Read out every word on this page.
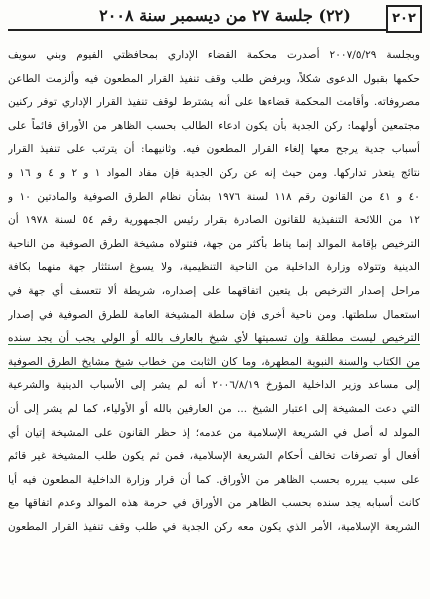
(٢٢) جلسة ٢٧ من ديسمبر سنة ٢٠٠٨	٢٠٢
وبجلسة ٢٠٠٧/٥/٢٩ أصدرت محكمة القضاء الإداري بمحافظتي الفيوم وبني سويف
حكمها بقبول الدعوى شكلاً، وبرفض طلب وقف تنفيذ القرار المطعون فيه وألزمت الطاعن
مصروفاته. وأقامت المحكمة قضاءها على أنه يشترط لوقف تنفيذ القرار الإداري توفر ركنين
مجتمعين أولهما: ركن الجدية بأن يكون ادعاء الطالب بحسب الظاهر من الأوراق قائماً على
أسباب جدية يرجح معها إلغاء القرار المطعون فيه. وثانيهما: أن يترتب على تنفيذ القرار
نتائج يتعذر تداركها. ومن حيث إنه عن ركن الجدية فإن مفاد المواد ١ و ٢ و ٤ و ١٦ و
٤٠ و ٤١ من القانون رقم ١١٨ لسنة ١٩٧٦ بشأن نظام الطرق الصوفية والمادتين ١٠ و
١٢ من اللائحة التنفيذية للقانون الصادرة بقرار رئيس الجمهورية رقم ٥٤ لسنة ١٩٧٨ أن
الترخيص بإقامة الموالد إنما يناط بأكثر من جهة، فتتولاه مشيخة الطرق الصوفية من الناحية
الدينية وتتولاه وزارة الداخلية من الناحية التنظيمية، ولا يسوغ استئثار جهة منهما بكافة
مراحل إصدار الترخيص بل يتعين اتفاقهما على إصداره، شريطة ألا تتعسف أي جهة في
استعمال سلطتها. ومن ناحية أخرى فإن سلطة المشيخة العامة للطرق الصوفية في إصدار
الترخيص ليست مطلقة وإن تسميتها لأي شيخ بالعارف بالله أو الولي يجب أن يجد سنده
من الكتاب والسنة النبوية المطهرة، وما كان الثابت من خطاب شيخ مشايخ الطرق الصوفية
إلى مساعد وزير الداخلية المؤرخ ٢٠٠٦/٨/١٩ أنه لم يشر إلى الأسباب الدينية والشرعية
التي دعت المشيخة إلى اعتبار الشيخ ... من العارفين بالله أو الأولياء، كما لم يشر إلى أن
المولد له أصل في الشريعة الإسلامية من عدمه؛ إذ حظر القانون على المشيخة إتيان أي
أفعال أو تصرفات تخالف أحكام الشريعة الإسلامية، فمن ثم يكون طلب المشيخة غير قائم
على سبب يبرره بحسب الظاهر من الأوراق. كما أن قرار وزارة الداخلية المطعون فيه أيا
كانت أسبابه يجد سنده بحسب الظاهر من الأوراق في حرمة هذه الموالد وعدم اتفاقها مع
الشريعة الإسلامية، الأمر الذي يكون معه ركن الجدية في طلب وقف تنفيذ القرار المطعون
